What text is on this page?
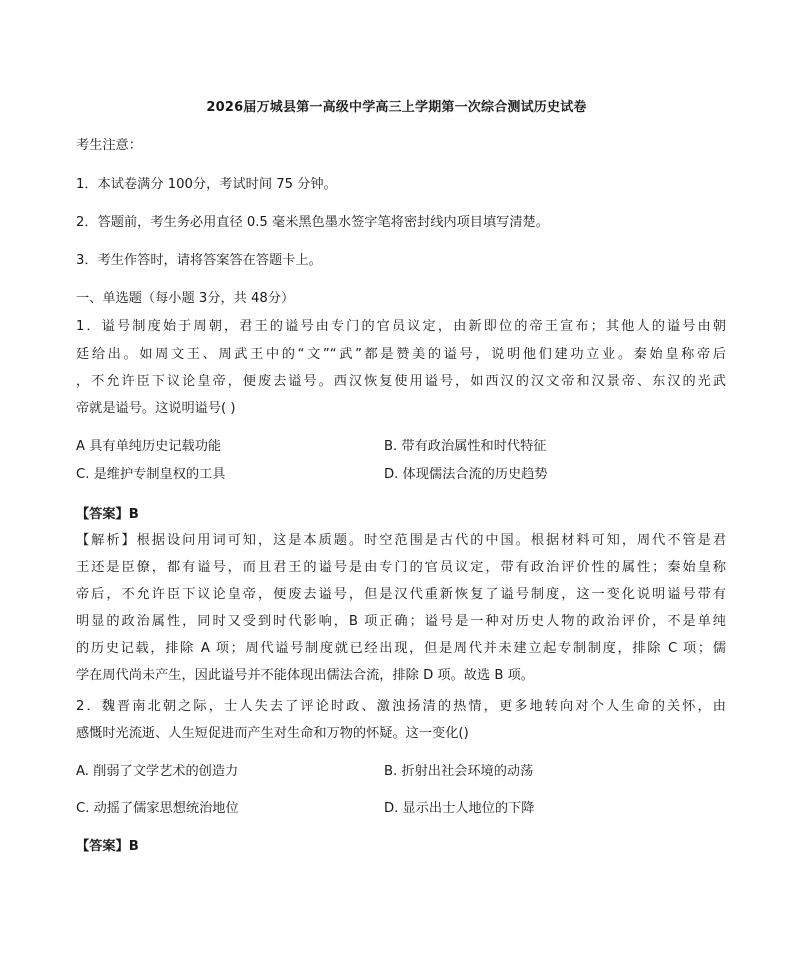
2026届万城县第一高级中学高三上学期第一次综合测试历史试卷
考生注意：
1．本试卷满分 100分，考试时间 75 分钟。
2．答题前，考生务必用直径 0.5 毫米黑色墨水签字笔将密封线内项目填写清楚。
3．考生作答时，请将答案答在答题卡上。
一、单选题（每小题 3分，共 48分）
1．谥号制度始于周朝，君王的谥号由专门的官员议定，由新即位的帝王宣布；其他人的谥号由朝
廷给出。如周文王、周武王中的“文”“武”都是赞美的谥号，说明他们建功立业。秦始皇称帝后
，不允许臣下议论皇帝，便废去谥号。西汉恢复使用谥号，如西汉的汉文帝和汉景帝、东汉的光武
帝就是谥号。这说明谥号( )
A 具有单纯历史记载功能	B. 带有政治属性和时代特征
C. 是维护专制皇权的工具	D. 体现儒法合流的历史趋势
【答案】B
【解析】根据设问用词可知，这是本质题。时空范围是古代的中国。根据材料可知，周代不管是君
王还是臣僚，都有谥号，而且君王的谥号是由专门的官员议定，带有政治评价性的属性；秦始皇称
帝后，不允许臣下议论皇帝，便废去谥号，但是汉代重新恢复了谥号制度，这一变化说明谥号带有
明显的政治属性，同时又受到时代影响，B 项正确；谥号是一种对历史人物的政治评价，不是单纯
的历史记载，排除 A 项；周代谥号制度就已经出现，但是周代并未建立起专制制度，排除 C 项；儒
学在周代尚未产生，因此谥号并不能体现出儒法合流，排除 D 项。故选 B 项。
2．魏晋南北朝之际，士人失去了评论时政、激浊扬清的热情，更多地转向对个人生命的关怀，由
感慨时光流逝、人生短促进而产生对生命和万物的怀疑。这一变化()
A. 削弱了文学艺术的创造力	B. 折射出社会环境的动荡
C. 动摇了儒家思想统治地位	D. 显示出士人地位的下降
【答案】B
